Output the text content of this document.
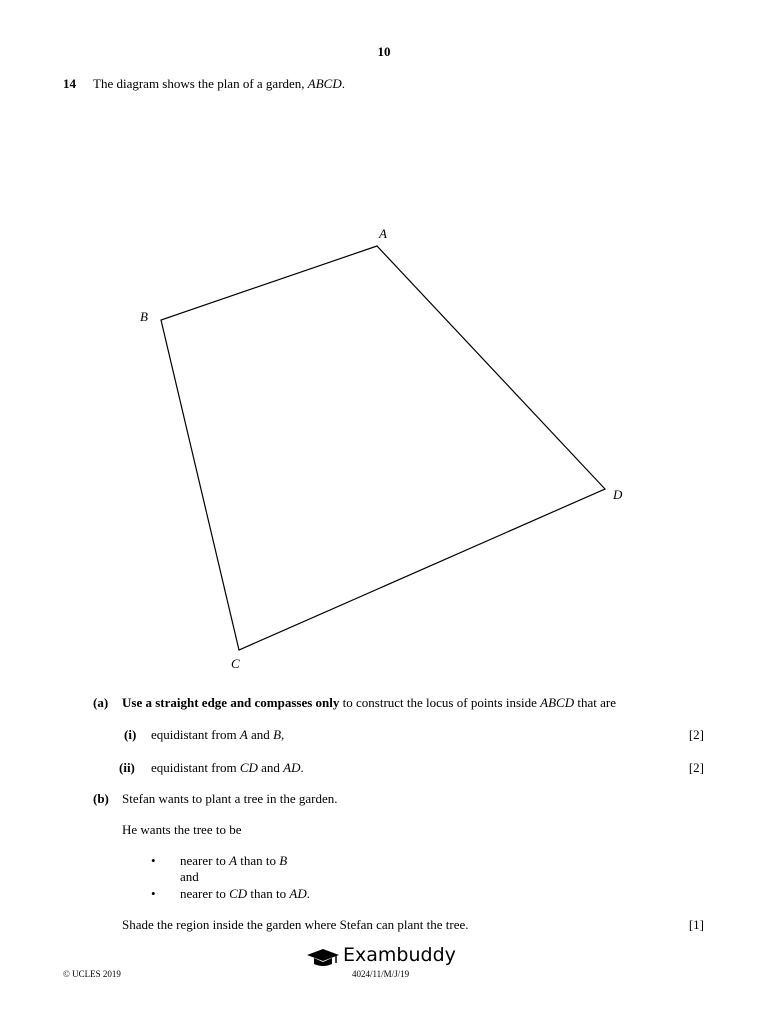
10
14 The diagram shows the plan of a garden, ABCD.
A
B
C
D
(a) Use a straight edge and compasses only to construct the locus of points inside ABCD that are
(i) equidistant from A and B,	[2]
(ii) equidistant from CD and AD.	[2]
(b) Stefan wants to plant a tree in the garden.
He wants the tree to be
• nearer to A than to B
and
• nearer to CD than to AD.
Shade the region inside the garden where Stefan can plant the tree.	[1]
Exambuddy
© UCLES 2019	4024/11/M/J/19
